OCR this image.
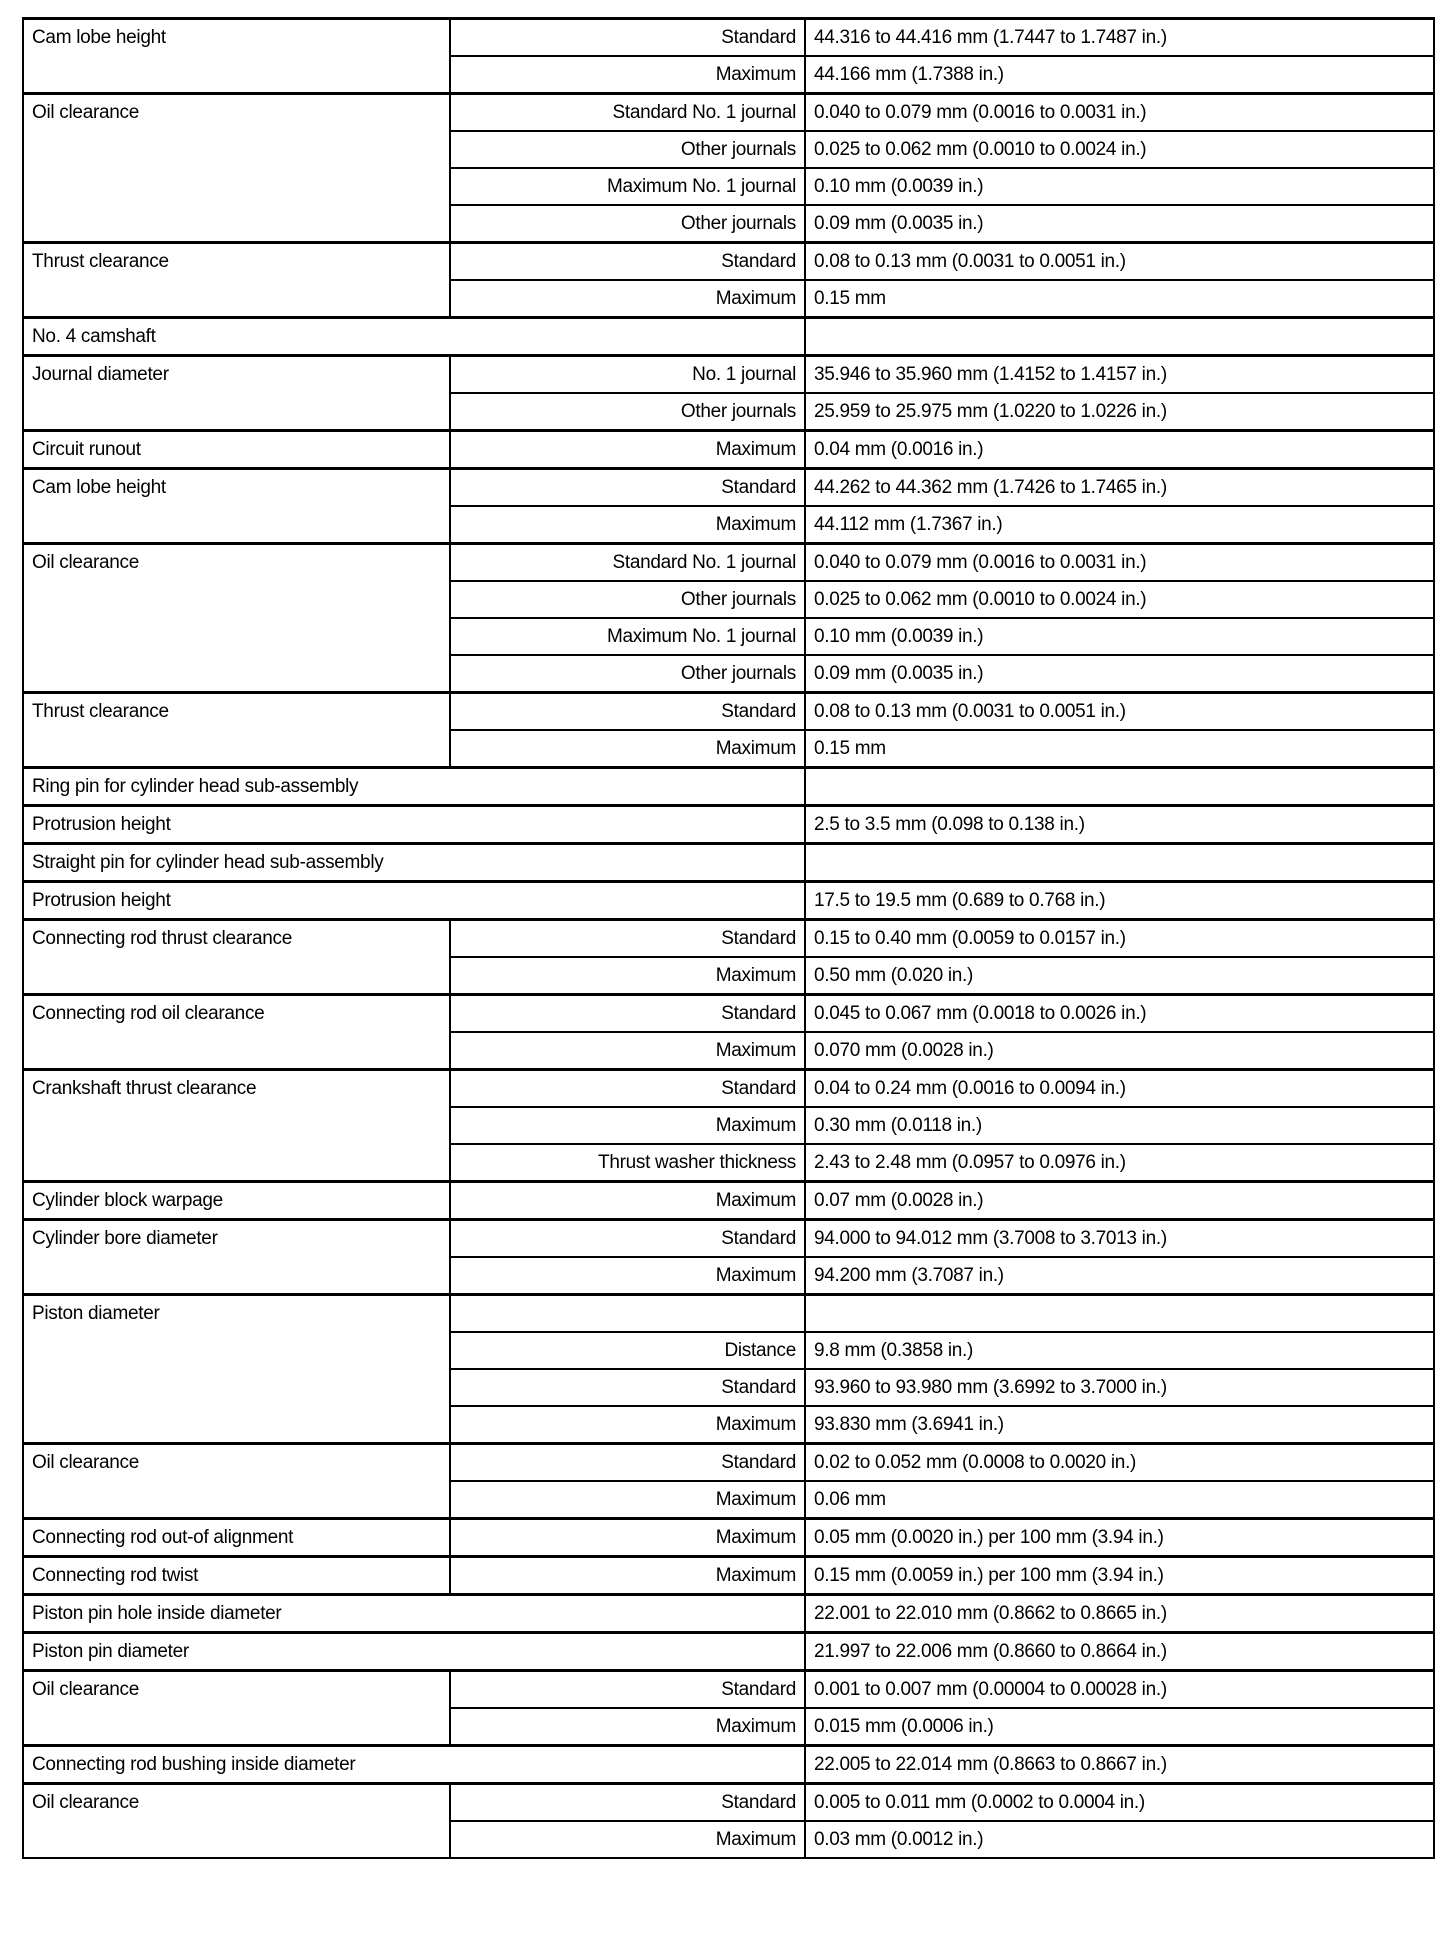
Cam lobe height	Standard	44.316 to 44.416 mm (1.7447 to 1.7487 in.)
	Maximum	44.166 mm (1.7388 in.)
Oil clearance	Standard No. 1 journal	0.040 to 0.079 mm (0.0016 to 0.0031 in.)
	Other journals	0.025 to 0.062 mm (0.0010 to 0.0024 in.)
	Maximum No. 1 journal	0.10 mm (0.0039 in.)
	Other journals	0.09 mm (0.0035 in.)
Thrust clearance	Standard	0.08 to 0.13 mm (0.0031 to 0.0051 in.)
	Maximum	0.15 mm
No. 4 camshaft		
Journal diameter	No. 1 journal	35.946 to 35.960 mm (1.4152 to 1.4157 in.)
	Other journals	25.959 to 25.975 mm (1.0220 to 1.0226 in.)
Circuit runout	Maximum	0.04 mm (0.0016 in.)
Cam lobe height	Standard	44.262 to 44.362 mm (1.7426 to 1.7465 in.)
	Maximum	44.112 mm (1.7367 in.)
Oil clearance	Standard No. 1 journal	0.040 to 0.079 mm (0.0016 to 0.0031 in.)
	Other journals	0.025 to 0.062 mm (0.0010 to 0.0024 in.)
	Maximum No. 1 journal	0.10 mm (0.0039 in.)
	Other journals	0.09 mm (0.0035 in.)
Thrust clearance	Standard	0.08 to 0.13 mm (0.0031 to 0.0051 in.)
	Maximum	0.15 mm
Ring pin for cylinder head sub-assembly		
Protrusion height		2.5 to 3.5 mm (0.098 to 0.138 in.)
Straight pin for cylinder head sub-assembly		
Protrusion height		17.5 to 19.5 mm (0.689 to 0.768 in.)
Connecting rod thrust clearance	Standard	0.15 to 0.40 mm (0.0059 to 0.0157 in.)
	Maximum	0.50 mm (0.020 in.)
Connecting rod oil clearance	Standard	0.045 to 0.067 mm (0.0018 to 0.0026 in.)
	Maximum	0.070 mm (0.0028 in.)
Crankshaft thrust clearance	Standard	0.04 to 0.24 mm (0.0016 to 0.0094 in.)
	Maximum	0.30 mm (0.0118 in.)
	Thrust washer thickness	2.43 to 2.48 mm (0.0957 to 0.0976 in.)
Cylinder block warpage	Maximum	0.07 mm (0.0028 in.)
Cylinder bore diameter	Standard	94.000 to 94.012 mm (3.7008 to 3.7013 in.)
	Maximum	94.200 mm (3.7087 in.)
Piston diameter		
	Distance	9.8 mm (0.3858 in.)
	Standard	93.960 to 93.980 mm (3.6992 to 3.7000 in.)
	Maximum	93.830 mm (3.6941 in.)
Oil clearance	Standard	0.02 to 0.052 mm (0.0008 to 0.0020 in.)
	Maximum	0.06 mm
Connecting rod out-of alignment	Maximum	0.05 mm (0.0020 in.) per 100 mm (3.94 in.)
Connecting rod twist	Maximum	0.15 mm (0.0059 in.) per 100 mm (3.94 in.)
Piston pin hole inside diameter		22.001 to 22.010 mm (0.8662 to 0.8665 in.)
Piston pin diameter		21.997 to 22.006 mm (0.8660 to 0.8664 in.)
Oil clearance	Standard	0.001 to 0.007 mm (0.00004 to 0.00028 in.)
	Maximum	0.015 mm (0.0006 in.)
Connecting rod bushing inside diameter		22.005 to 22.014 mm (0.8663 to 0.8667 in.)
Oil clearance	Standard	0.005 to 0.011 mm (0.0002 to 0.0004 in.)
	Maximum	0.03 mm (0.0012 in.)
